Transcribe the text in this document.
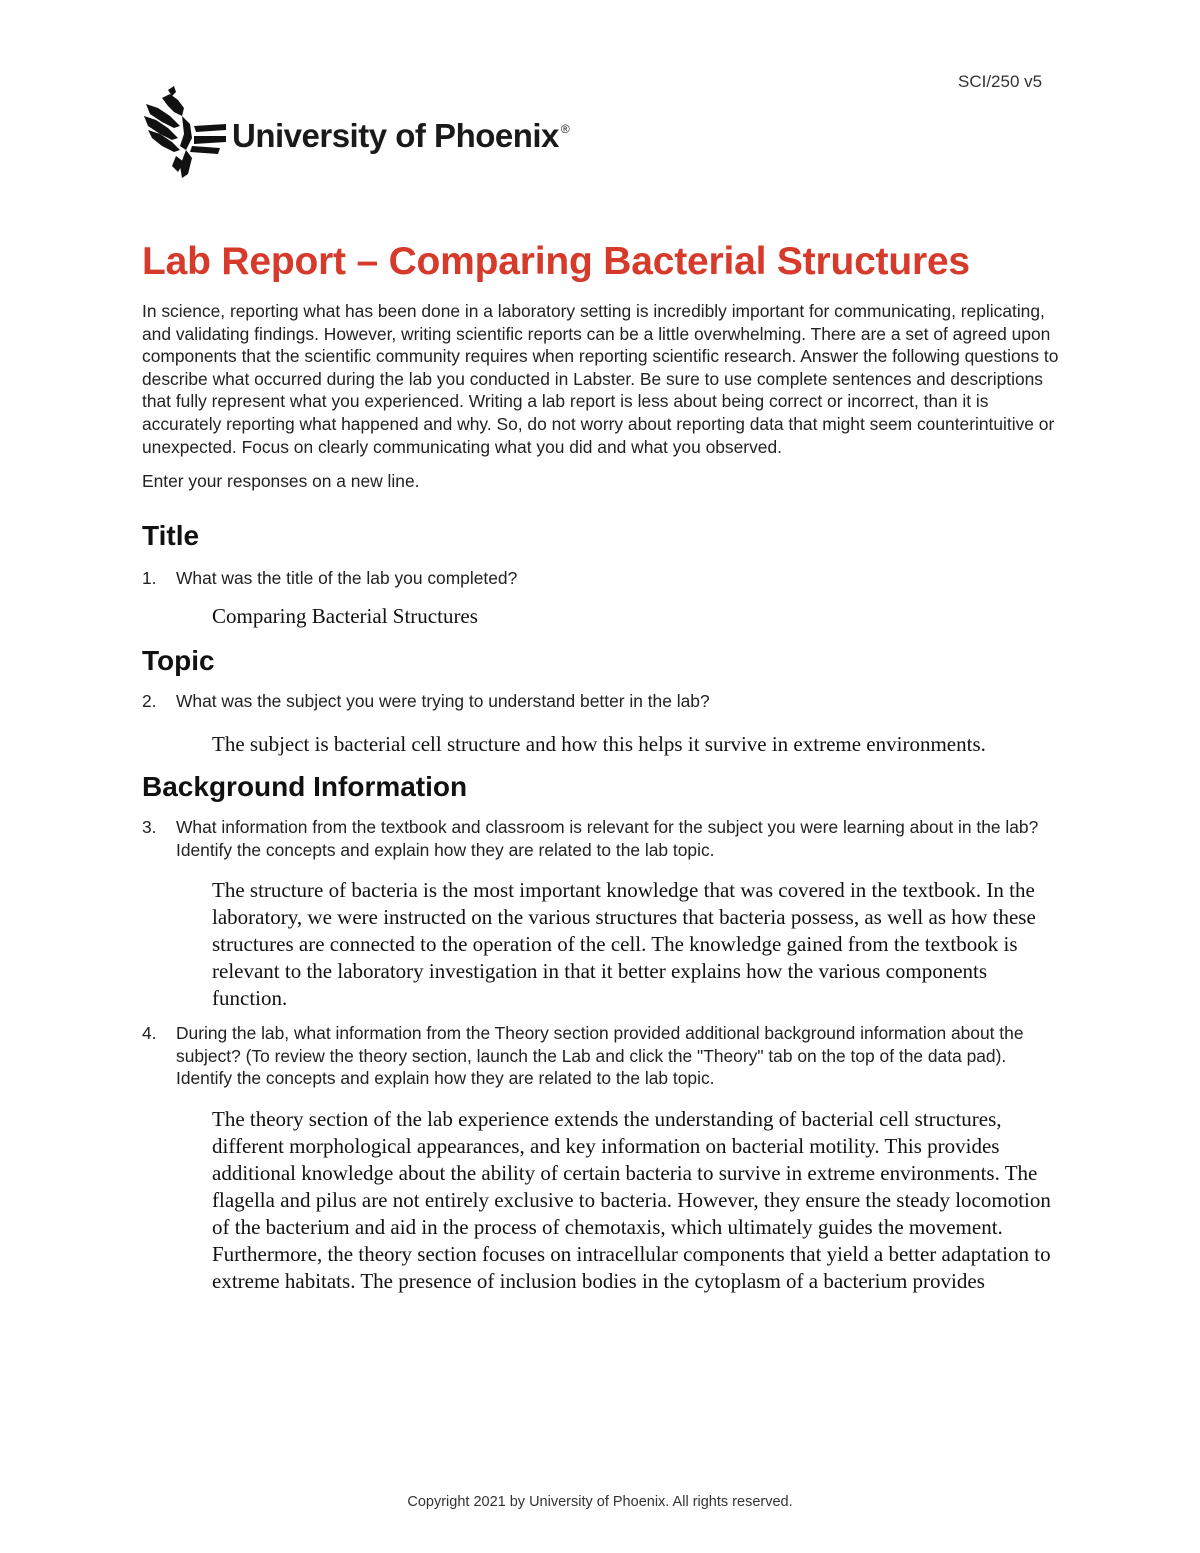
SCI/250 v5
University of Phoenix ®
Lab Report – Comparing Bacterial Structures

In science, reporting what has been done in a laboratory setting is incredibly important for communicating, replicating, and validating findings. However, writing scientific reports can be a little overwhelming. There are a set of agreed upon components that the scientific community requires when reporting scientific research. Answer the following questions to describe what occurred during the lab you conducted in Labster. Be sure to use complete sentences and descriptions that fully represent what you experienced. Writing a lab report is less about being correct or incorrect, than it is accurately reporting what happened and why. So, do not worry about reporting data that might seem counterintuitive or unexpected. Focus on clearly communicating what you did and what you observed.

Enter your responses on a new line.

Title
1.	What was the title of the lab you completed?
Comparing Bacterial Structures
Topic
2.	What was the subject you were trying to understand better in the lab?
The subject is bacterial cell structure and how this helps it survive in extreme environments.
Background Information
3.	What information from the textbook and classroom is relevant for the subject you were learning about in the lab? Identify the concepts and explain how they are related to the lab topic.
The structure of bacteria is the most important knowledge that was covered in the textbook. In the laboratory, we were instructed on the various structures that bacteria possess, as well as how these structures are connected to the operation of the cell. The knowledge gained from the textbook is relevant to the laboratory investigation in that it better explains how the various components function.
4.	During the lab, what information from the Theory section provided additional background information about the subject? (To review the theory section, launch the Lab and click the "Theory" tab on the top of the data pad). Identify the concepts and explain how they are related to the lab topic.
The theory section of the lab experience extends the understanding of bacterial cell structures, different morphological appearances, and key information on bacterial motility. This provides additional knowledge about the ability of certain bacteria to survive in extreme environments. The flagella and pilus are not entirely exclusive to bacteria. However, they ensure the steady locomotion of the bacterium and aid in the process of chemotaxis, which ultimately guides the movement. Furthermore, the theory section focuses on intracellular components that yield a better adaptation to extreme habitats. The presence of inclusion bodies in the cytoplasm of a bacterium provides
Copyright 2021 by University of Phoenix. All rights reserved.
